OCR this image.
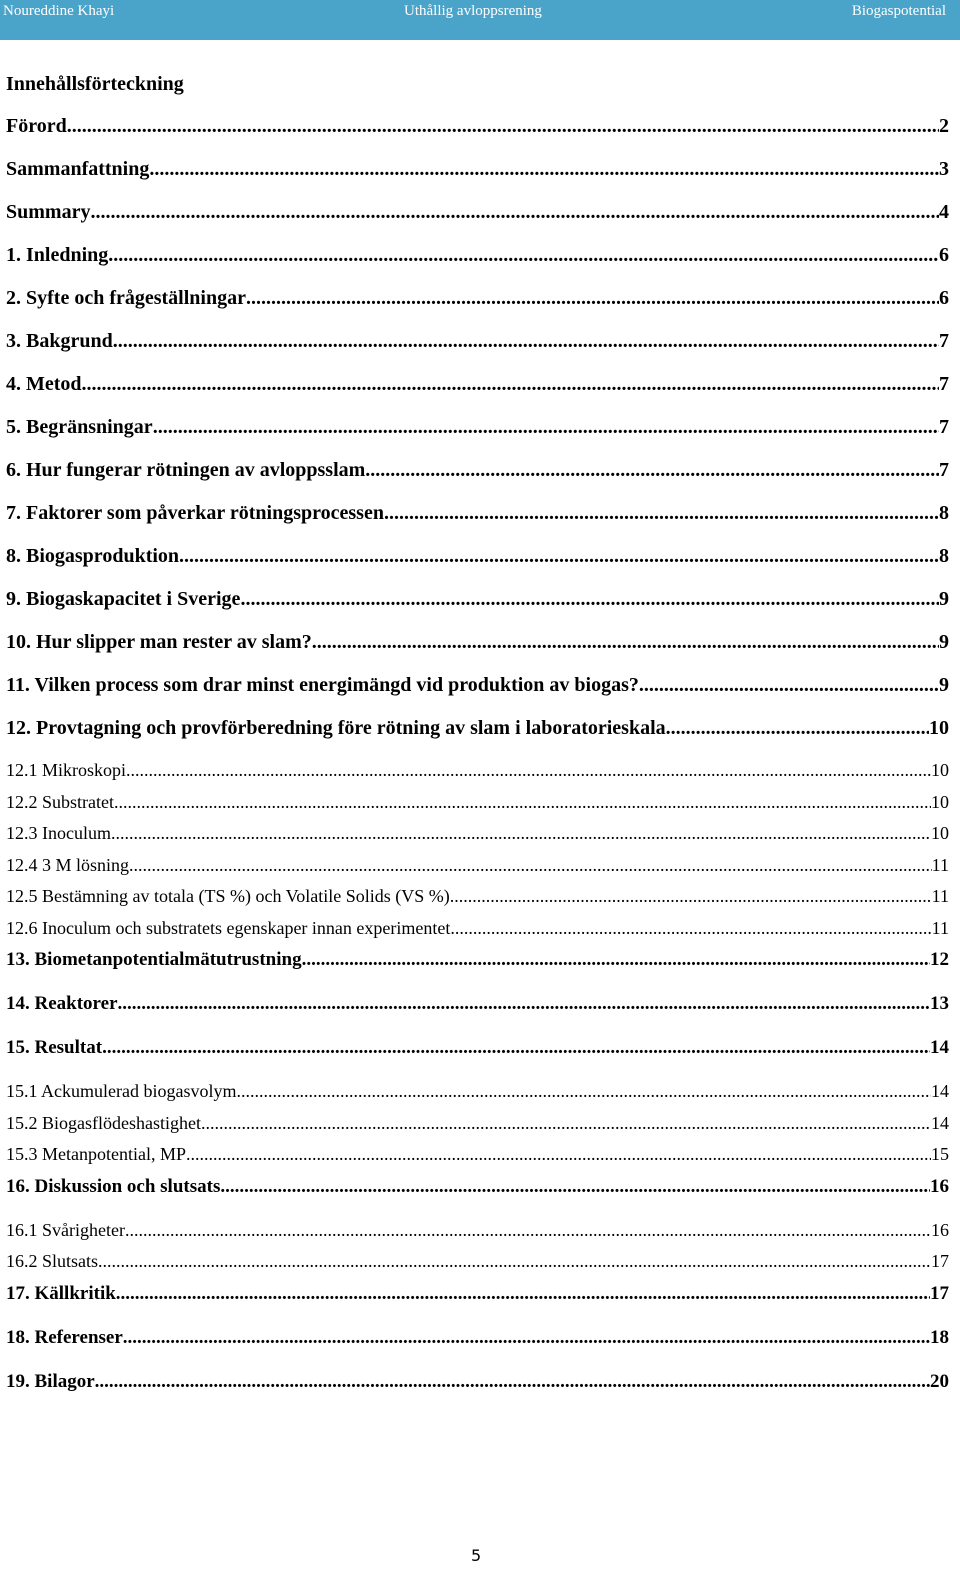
Noureddine Khayi	Uthållig avloppsrening	Biogaspotential
Innehållsförteckning
Förord .....	2
Sammanfattning .....	3
Summary .....	4
1. Inledning .....	6
2. Syfte och frågeställningar .....	6
3. Bakgrund .....	7
4. Metod .....	7
5. Begränsningar .....	7
6. Hur fungerar rötningen av avloppsslam .....	7
7. Faktorer som påverkar rötningsprocessen .....	8
8. Biogasproduktion .....	8
9. Biogaskapacitet i Sverige .....	9
10. Hur slipper man rester av slam? .....	9
11. Vilken process som drar minst energimängd vid produktion av biogas? .....	9
12. Provtagning och provförberedning före rötning av slam i laboratorieskala .....	10
12.1 Mikroskopi .....	10
12.2 Substratet .....	10
12.3 Inoculum .....	10
12.4 3 M lösning .....	11
12.5 Bestämning av totala (TS %) och Volatile Solids (VS %) .....	11
12.6 Inoculum och substratets egenskaper innan experimentet .....	11
13. Biometanpotentialmätutrustning .....	12
14. Reaktorer .....	13
15. Resultat .....	14
15.1 Ackumulerad biogasvolym .....	14
15.2 Biogasflödeshastighet .....	14
15.3 Metanpotential, MP .....	15
16. Diskussion och slutsats .....	16
16.1 Svårigheter .....	16
16.2 Slutsats .....	17
17. Källkritik .....	17
18. Referenser .....	18
19. Bilagor .....	20
5
